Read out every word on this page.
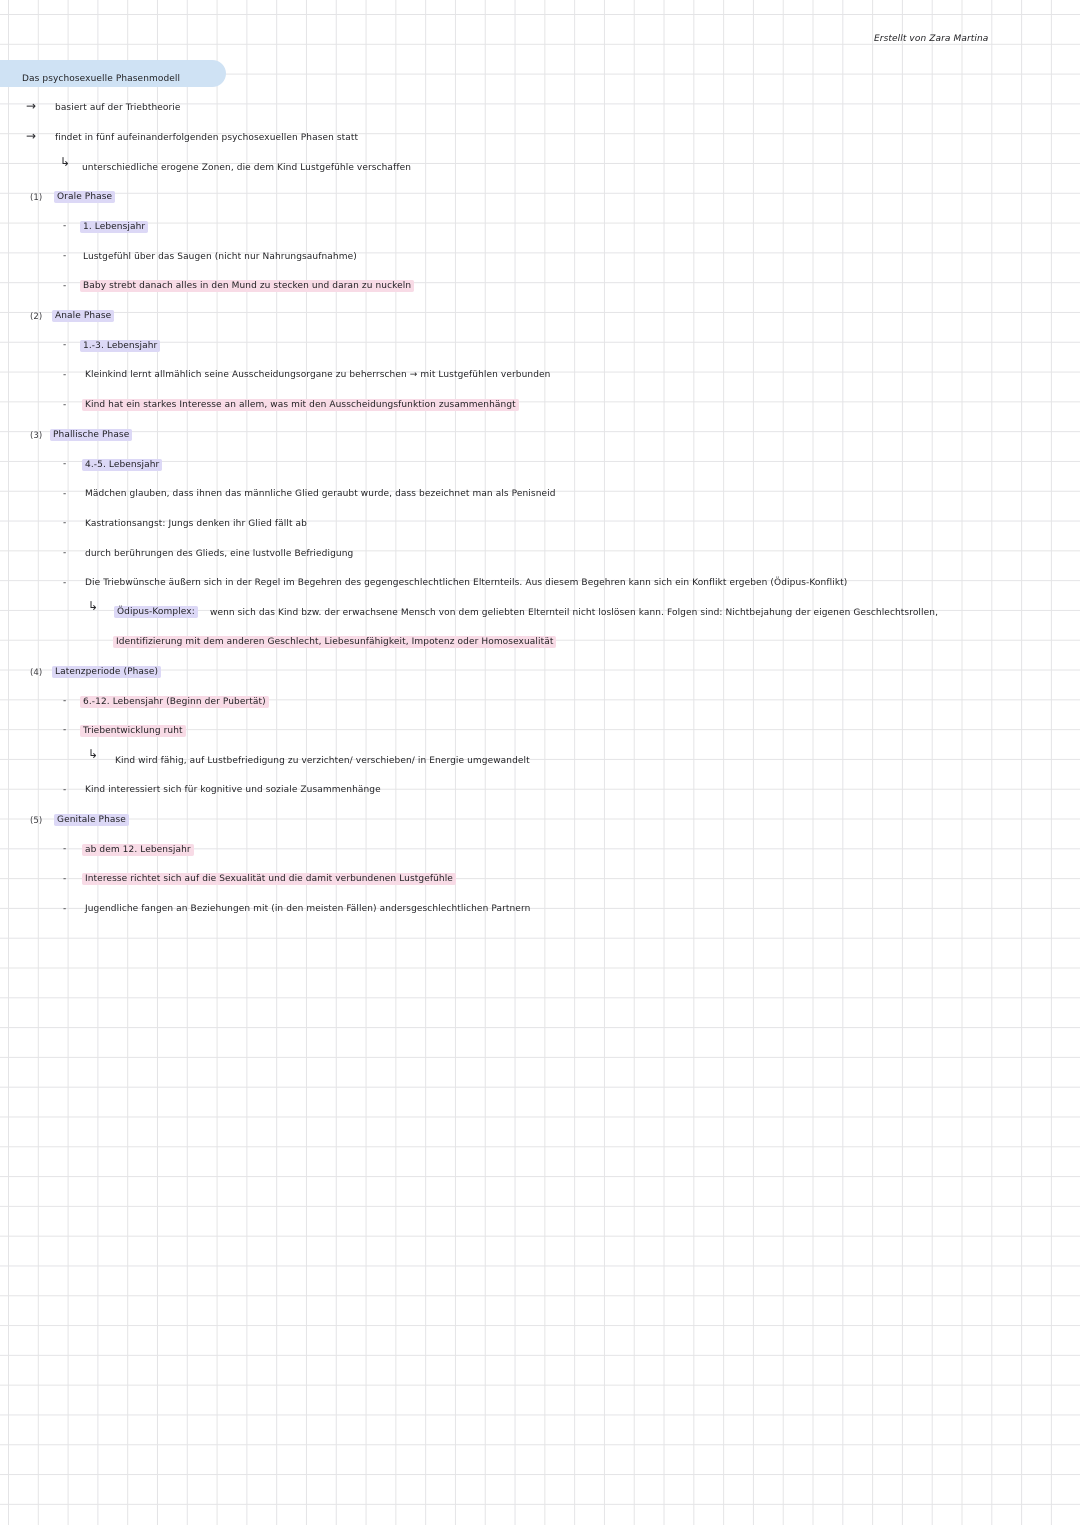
Erstellt von Zara Martina
Das psychosexuelle Phasenmodell
→ basiert auf der Triebtheorie
→ findet in fünf aufeinanderfolgenden psychosexuellen Phasen statt
↳ unterschiedliche erogene Zonen, die dem Kind Lustgefühle verschaffen
(1)	Orale Phase
-	1. Lebensjahr
- Lustgefühl über das Saugen (nicht nur Nahrungsaufnahme)
-	Baby strebt danach alles in den Mund zu stecken und daran zu nuckeln
(2)	Anale Phase
-	1.-3. Lebensjahr
- Kleinkind lernt allmählich seine Ausscheidungsorgane zu beherrschen → mit Lustgefühlen verbunden
-	Kind hat ein starkes Interesse an allem, was mit den Ausscheidungsfunktion zusammenhängt
(3)	Phallische Phase
-	4.-5. Lebensjahr
- Mädchen glauben, dass ihnen das männliche Glied geraubt wurde, dass bezeichnet man als Penisneid
- Kastrationsangst: Jungs denken ihr Glied fällt ab
- durch berührungen des Glieds, eine lustvolle Befriedigung
- Die Triebwünsche äußern sich in der Regel im Begehren des gegengeschlechtlichen Elternteils. Aus diesem Begehren kann sich ein Konflikt ergeben (Ödipus-Konflikt)
↳	Ödipus-Komplex:	wenn sich das Kind bzw. der erwachsene Mensch von dem geliebten Elternteil nicht loslösen kann. Folgen sind: Nichtbejahung der eigenen Geschlechtsrollen,
Identifizierung mit dem anderen Geschlecht, Liebesunfähigkeit, Impotenz oder Homosexualität
(4)	Latenzperiode (Phase)
-	6.-12. Lebensjahr (Beginn der Pubertät)
-	Triebentwicklung ruht
↳ Kind wird fähig, auf Lustbefriedigung zu verzichten/ verschieben/ in Energie umgewandelt
- Kind interessiert sich für kognitive und soziale Zusammenhänge
(5)	Genitale Phase
-	ab dem 12. Lebensjahr
-	Interesse richtet sich auf die Sexualität und die damit verbundenen Lustgefühle
- Jugendliche fangen an Beziehungen mit (in den meisten Fällen) andersgeschlechtlichen Partnern
